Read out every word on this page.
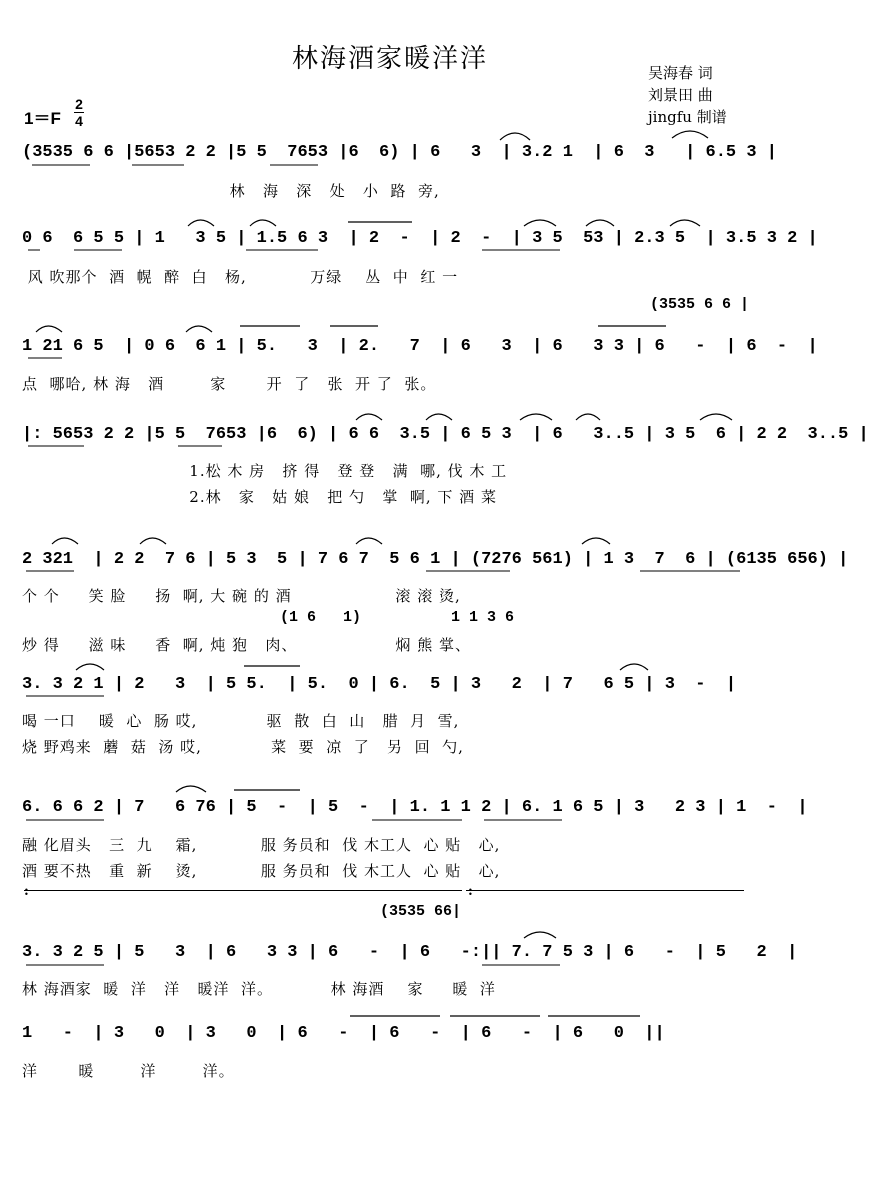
林海酒家暖洋洋	吴海春 词
刘景田 曲
jingfu 制谱
1＝F
2
4
(3535 6 6 |5653 2 2 |5 5  7653 |6  6) | 6   3  | 3.2 1  | 6  3   | 6.5 3 |
林   海   深   处   小  路  旁,
0 6  6 5 5 | 1   3 5 | 1.5 6 3  | 2  -  | 2  -  | 3 5  53 | 2.3 5  | 3.5 3 2 |
风 吹那个  酒  幌  醉  白   杨,           万绿    丛  中  红 一
(3535 6 6 |
1 21 6 5  | 0 6  6 1 | 5.   3  | 2.   7  | 6   3  | 6   3 3 | 6   -  | 6  -  |
点  哪哈, 林 海   酒        家       开  了   张  开 了  张。
|: 5653 2 2 |5 5  7653 |6  6) | 6 6  3.5 | 6 5 3  | 6   3..5 | 3 5  6 | 2 2  3..5 |
1.松 木 房   挤 得   登 登   满  哪, 伐 木 工
2.林   家   姑 娘   把 勺   掌  啊, 下 酒 菜
2 321  | 2 2  7 6 | 5 3  5 | 7 6 7  5 6 1 | (7276 561) | 1 3  7  6 | (6135 656) |
个 个     笑 脸     扬  啊, 大 碗 的 酒                  滚 滚 烫,
(1 6   1)          1 1 3 6
炒 得     滋 味     香  啊, 炖 狍   肉、                 焖 熊 掌、
3. 3 2 1 | 2   3  | 5 5.  | 5.  0 | 6.  5 | 3   2  | 7   6 5 | 3  -  |
喝 一口    暖  心  肠 哎,            驱  散  白  山   腊  月  雪,
烧 野鸡来  蘑  菇  汤 哎,            菜  要  凉  了   另  回  勺,
6. 6 6 2 | 7   6 76 | 5  -  | 5  -  | 1. 1 1 2 | 6. 1 6 5 | 3   2 3 | 1  -  |
融 化眉头   三  九    霜,           服 务员和  伐 木工人  心 贴   心,
酒 要不热   重  新    烫,           服 务员和  伐 木工人  心 贴   心,
(3535 66|
3. 3 2 5 | 5   3  | 6   3 3 | 6   -  | 6   -:|| 7. 7 5 3 | 6   -  | 5   2  |
林 海酒家  暖  洋   洋   暖洋  洋。          林 海酒    家     暖  洋
1   -  | 3   0  | 3   0  | 6   -  | 6   -  | 6   -  | 6   0  ||
洋       暖        洋        洋。
:	:
